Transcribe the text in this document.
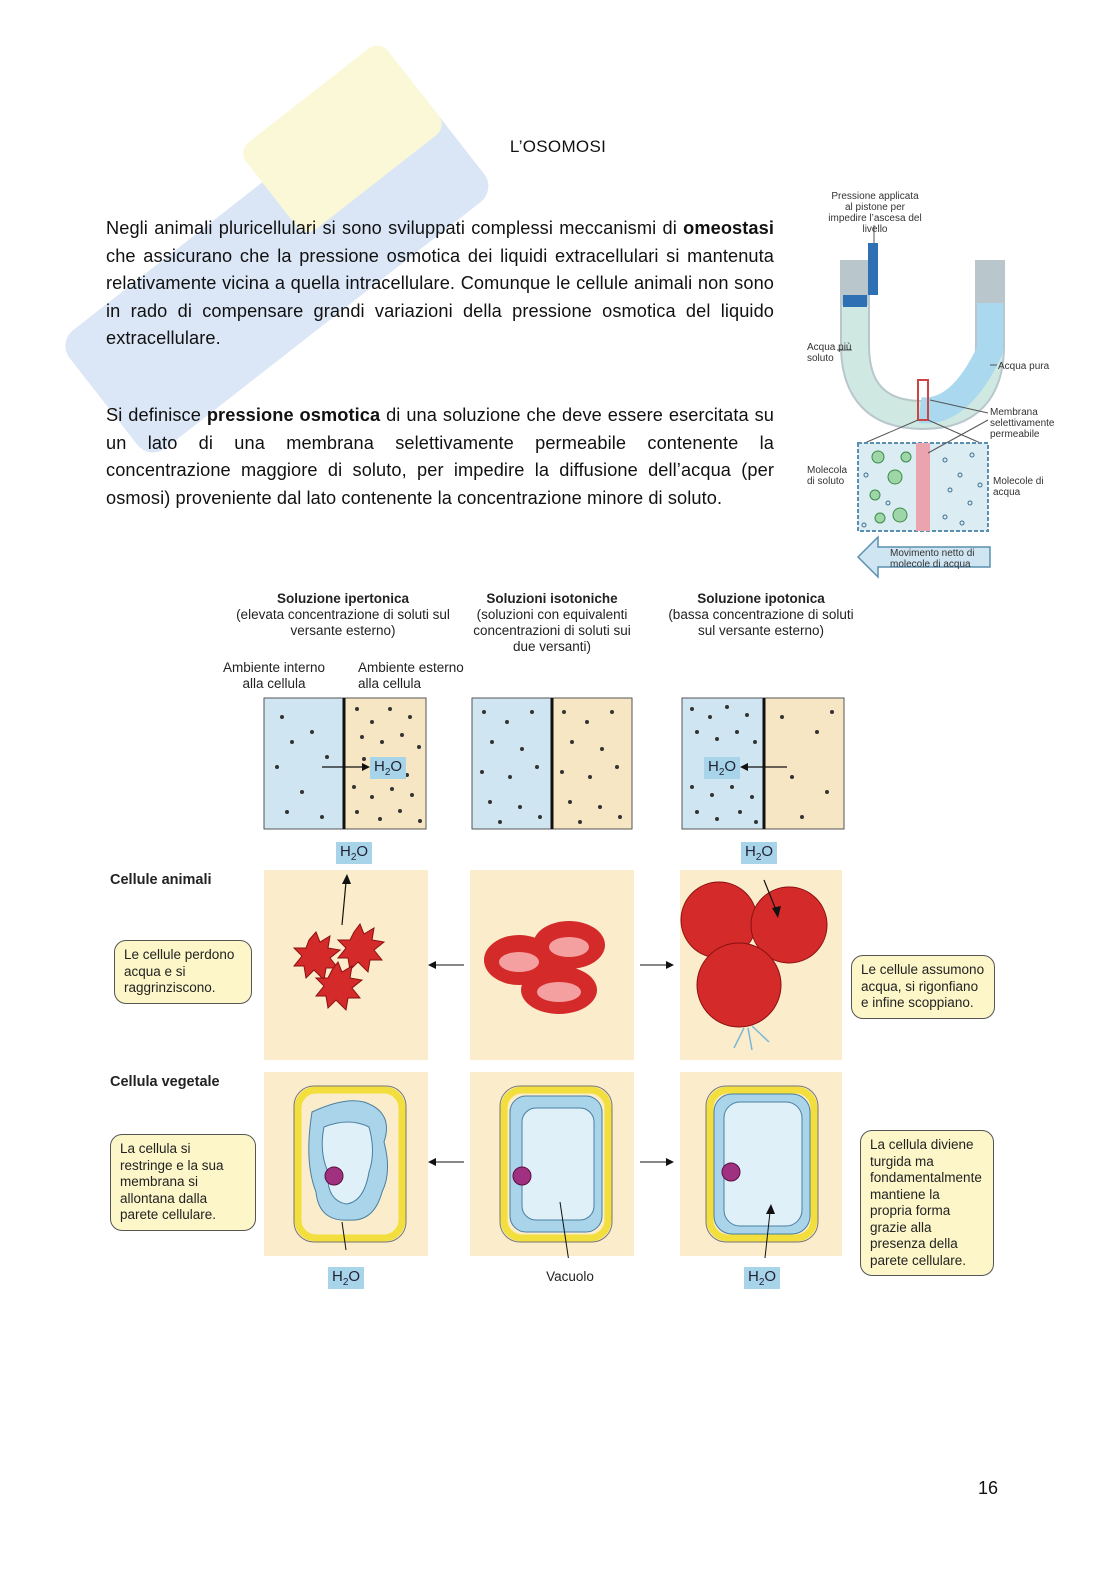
L’OSOMOSI
Negli animali pluricellulari si sono sviluppati complessi meccanismi di omeostasi che assicurano che la pressione osmotica dei liquidi extracellulari si mantenuta relativamente vicina a quella intracellulare. Comunque le cellule animali non sono in rado di compensare grandi variazioni della pressione osmotica del liquido extracellulare.
Si definisce pressione osmotica di una soluzione che deve essere esercitata su un lato di una membrana selettivamente permeabile contenente la concentrazione maggiore di soluto, per impedire la diffusione dell’acqua (per osmosi) proveniente dal lato contenente la concentrazione minore di soluto.
Pressione applicata al pistone per impedire l’ascesa del livello
Acqua più soluto
Acqua pura
Membrana selettivamente permeabile
Molecola di soluto	Molecole di acqua
Movimento netto di molecole di acqua
Soluzione ipertonica
(elevata concentrazione di soluti sul versante esterno)
Soluzioni isotoniche
(soluzioni con equivalenti concentrazioni di soluti sui due versanti)
Soluzione ipotonica
(bassa concentrazione di soluti sul versante esterno)
Ambiente interno alla cellula
Ambiente esterno alla cellula
$H_2O$	$H_2O$
$H_2O$	$H_2O$
Cellule animali
Le cellule perdono acqua e si raggrinziscono.
Le cellule assumono acqua, si rigonfiano e infine scoppiano.
Cellula vegetale
La cellula si restringe e la sua membrana si allontana dalla parete cellulare.
La cellula diviene turgida ma fondamentalmente mantiene la propria forma grazie alla presenza della parete cellulare.
$H_2O$	Vacuolo	$H_2O$
16
